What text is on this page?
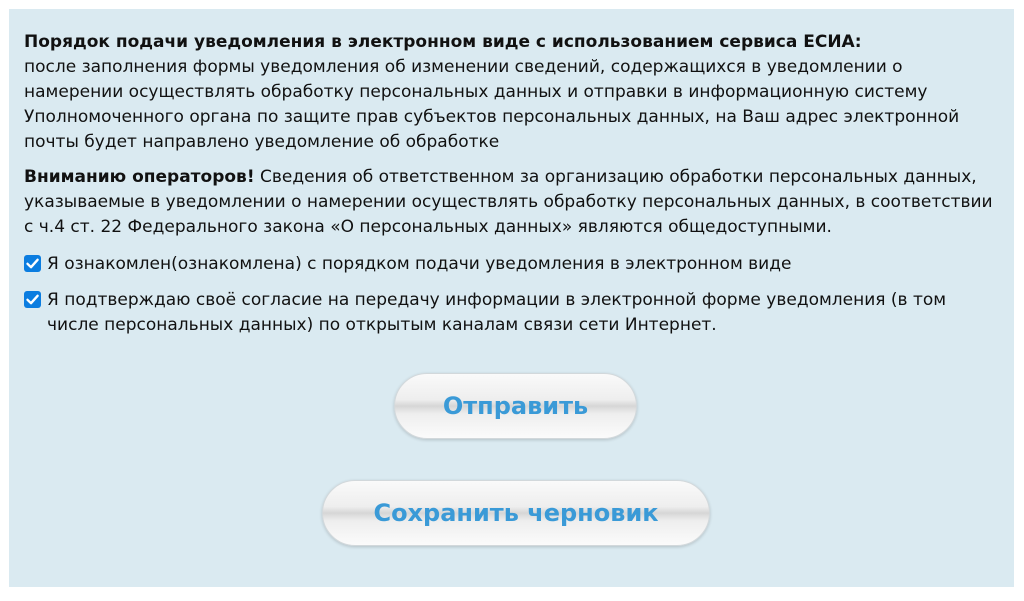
Порядок подачи уведомления в электронном виде с использованием сервиса ЕСИА:

после заполнения формы уведомления об изменении сведений, содержащихся в уведомлении о намерении осуществлять обработку персональных данных и отправки в информационную систему Уполномоченного органа по защите прав субъектов персональных данных, на Ваш адрес электронной почты будет направлено уведомление об обработке

Вниманию операторов! Сведения об ответственном за организацию обработки персональных данных, указываемые в уведомлении о намерении осуществлять обработку персональных данных, в соответствии с ч.4 ст. 22 Федерального закона «О персональных данных» являются общедоступными.

Я ознакомлен(ознакомлена) с порядком подачи уведомления в электронном виде
Я подтверждаю своё согласие на передачу информации в электронной форме уведомления (в том числе персональных данных) по открытым каналам связи сети Интернет.
Отправить
Сохранить черновик
